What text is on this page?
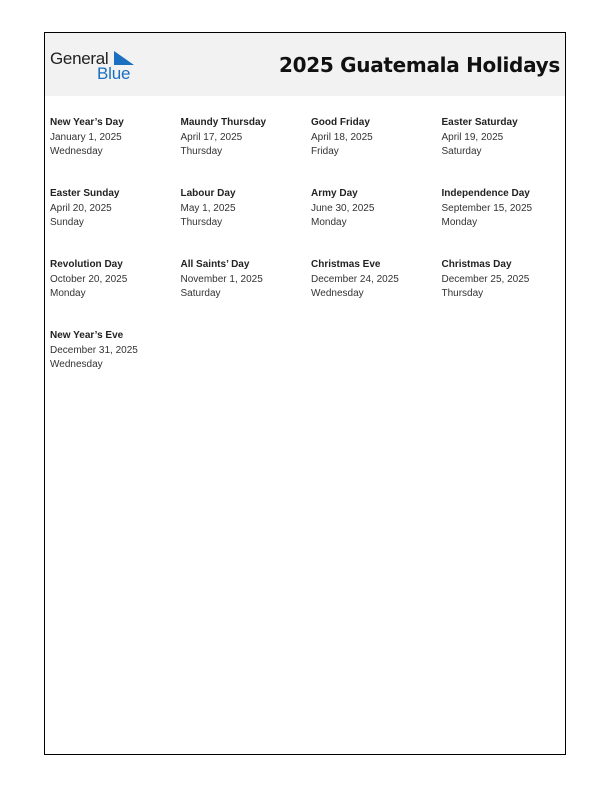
General
Blue	2025 Guatemala Holidays
New Year’s Day
January 1, 2025
Wednesday
Maundy Thursday
April 17, 2025
Thursday
Good Friday
April 18, 2025
Friday
Easter Saturday
April 19, 2025
Saturday
Easter Sunday
April 20, 2025
Sunday
Labour Day
May 1, 2025
Thursday
Army Day
June 30, 2025
Monday
Independence Day
September 15, 2025
Monday
Revolution Day
October 20, 2025
Monday
All Saints’ Day
November 1, 2025
Saturday
Christmas Eve
December 24, 2025
Wednesday
Christmas Day
December 25, 2025
Thursday
New Year’s Eve
December 31, 2025
Wednesday
